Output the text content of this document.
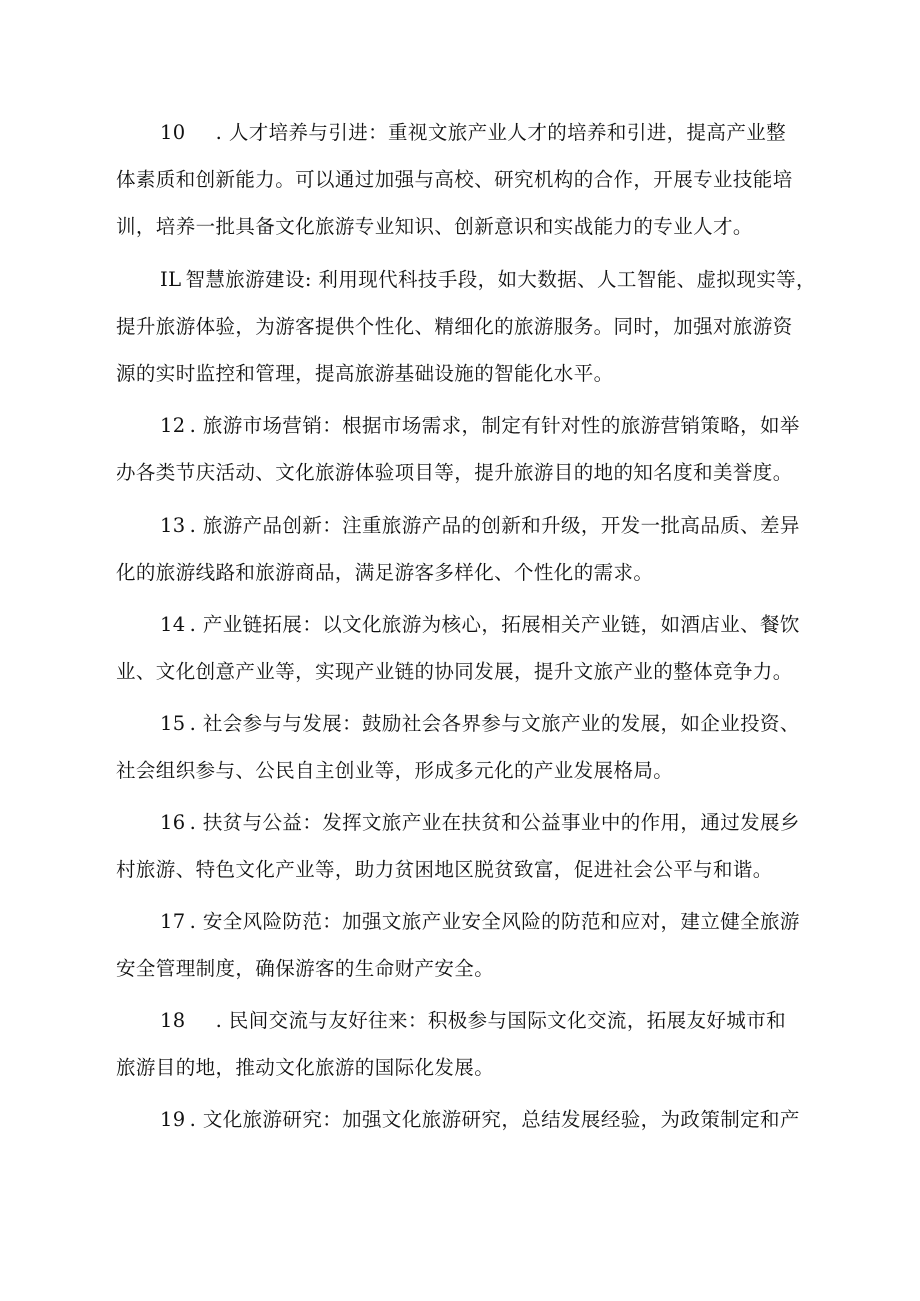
10 . 人才培养与引进：重视文旅产业人才的培养和引进，提高产业整
体素质和创新能力。可以通过加强与高校、研究机构的合作，开展专业技能培
训，培养一批具备文化旅游专业知识、创新意识和实战能力的专业人才。
IL 智慧旅游建设: 利用现代科技手段，如大数据、人工智能、虚拟现实等，
提升旅游体验，为游客提供个性化、精细化的旅游服务。同时，加强对旅游资
源的实时监控和管理，提高旅游基础设施的智能化水平。
12 . 旅游市场营销：根据市场需求，制定有针对性的旅游营销策略，如举
办各类节庆活动、文化旅游体验项目等，提升旅游目的地的知名度和美誉度。
13 . 旅游产品创新：注重旅游产品的创新和升级，开发一批高品质、差异
化的旅游线路和旅游商品，满足游客多样化、个性化的需求。
14 . 产业链拓展：以文化旅游为核心，拓展相关产业链，如酒店业、餐饮
业、文化创意产业等，实现产业链的协同发展，提升文旅产业的整体竞争力。
15 . 社会参与与发展：鼓励社会各界参与文旅产业的发展，如企业投资、
社会组织参与、公民自主创业等，形成多元化的产业发展格局。
16 . 扶贫与公益：发挥文旅产业在扶贫和公益事业中的作用，通过发展乡
村旅游、特色文化产业等，助力贫困地区脱贫致富，促进社会公平与和谐。
17 . 安全风险防范：加强文旅产业安全风险的防范和应对，建立健全旅游
安全管理制度，确保游客的生命财产安全。
18 . 民间交流与友好往来：积极参与国际文化交流，拓展友好城市和
旅游目的地，推动文化旅游的国际化发展。
19 . 文化旅游研究：加强文化旅游研究，总结发展经验，为政策制定和产
